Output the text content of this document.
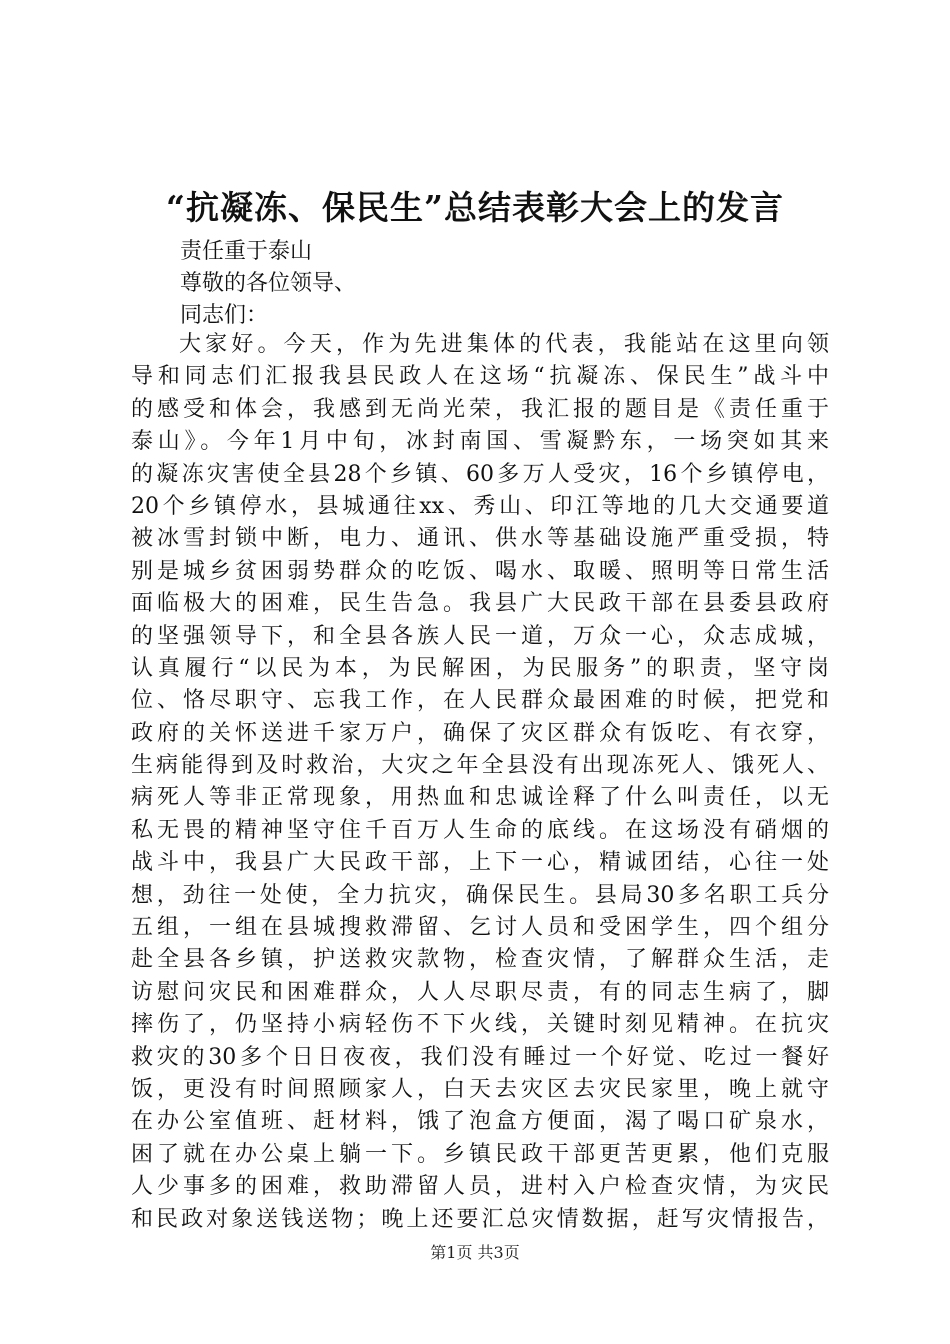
“抗凝冻、保民生”总结表彰大会上的发言
责任重于泰山
尊敬的各位领导、
同志们：
大家好。今天，作为先进集体的代表，我能站在这里向领
导和同志们汇报我县民政人在这场“抗凝冻、保民生”战斗中
的感受和体会，我感到无尚光荣，我汇报的题目是《责任重于
泰山》。今年1月中旬，冰封南国、雪凝黔东，一场突如其来
的凝冻灾害使全县28个乡镇、60多万人受灾，16个乡镇停电，
20个乡镇停水，县城通往xx、秀山、印江等地的几大交通要道
被冰雪封锁中断，电力、通讯、供水等基础设施严重受损，特
别是城乡贫困弱势群众的吃饭、喝水、取暖、照明等日常生活
面临极大的困难，民生告急。我县广大民政干部在县委县政府
的坚强领导下，和全县各族人民一道，万众一心，众志成城，
认真履行“以民为本，为民解困，为民服务”的职责，坚守岗
位、恪尽职守、忘我工作，在人民群众最困难的时候，把党和
政府的关怀送进千家万户，确保了灾区群众有饭吃、有衣穿，
生病能得到及时救治，大灾之年全县没有出现冻死人、饿死人、
病死人等非正常现象，用热血和忠诚诠释了什么叫责任，以无
私无畏的精神坚守住千百万人生命的底线。在这场没有硝烟的
战斗中，我县广大民政干部，上下一心，精诚团结，心往一处
想，劲往一处使，全力抗灾，确保民生。县局30多名职工兵分
五组，一组在县城搜救滞留、乞讨人员和受困学生，四个组分
赴全县各乡镇，护送救灾款物，检查灾情，了解群众生活，走
访慰问灾民和困难群众，人人尽职尽责，有的同志生病了，脚
摔伤了，仍坚持小病轻伤不下火线，关键时刻见精神。在抗灾
救灾的30多个日日夜夜，我们没有睡过一个好觉、吃过一餐好
饭，更没有时间照顾家人，白天去灾区去灾民家里，晚上就守
在办公室值班、赶材料，饿了泡盒方便面，渴了喝口矿泉水，
困了就在办公桌上躺一下。乡镇民政干部更苦更累，他们克服
人少事多的困难，救助滞留人员，进村入户检查灾情，为灾民
和民政对象送钱送物；晚上还要汇总灾情数据，赶写灾情报告，
第1页 共3页
